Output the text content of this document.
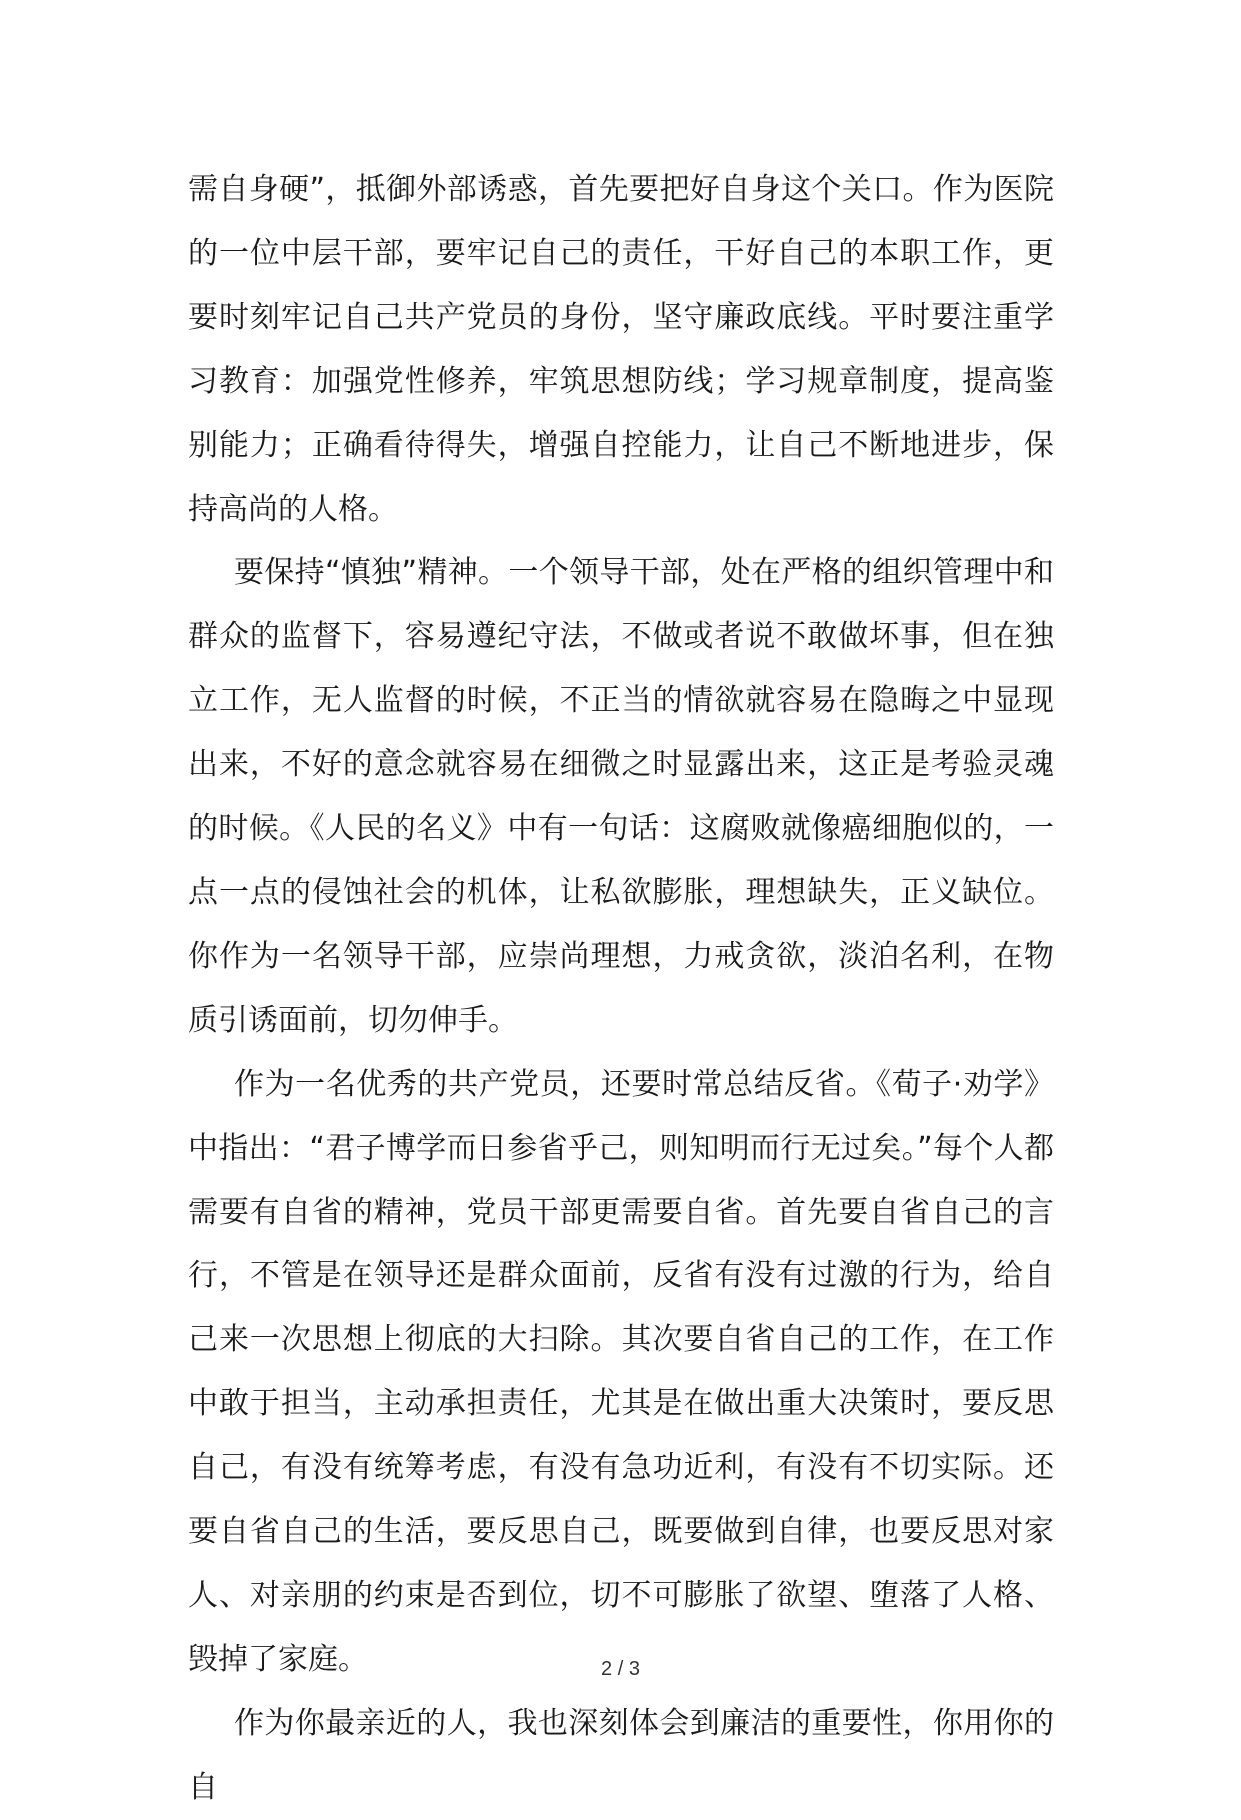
需自身硬”，抵御外部诱惑，首先要把好自身这个关口。作为医院的一位中层干部，要牢记自己的责任，干好自己的本职工作，更要时刻牢记自己共产党员的身份，坚守廉政底线。平时要注重学习教育：加强党性修养，牢筑思想防线；学习规章制度，提高鉴别能力；正确看待得失，增强自控能力，让自己不断地进步，保持高尚的人格。

要保持“慎独”精神。一个领导干部，处在严格的组织管理中和群众的监督下，容易遵纪守法，不做或者说不敢做坏事，但在独立工作，无人监督的时候，不正当的情欲就容易在隐晦之中显现出来，不好的意念就容易在细微之时显露出来，这正是考验灵魂的时候。《人民的名义》中有一句话：这腐败就像癌细胞似的，一点一点的侵蚀社会的机体，让私欲膨胀，理想缺失，正义缺位。你作为一名领导干部，应崇尚理想，力戒贪欲，淡泊名利，在物质引诱面前，切勿伸手。

作为一名优秀的共产党员，还要时常总结反省。《荀子·劝学》中指出：“君子博学而日参省乎己，则知明而行无过矣。”每个人都需要有自省的精神，党员干部更需要自省。首先要自省自己的言行，不管是在领导还是群众面前，反省有没有过激的行为，给自己来一次思想上彻底的大扫除。其次要自省自己的工作，在工作中敢于担当，主动承担责任，尤其是在做出重大决策时，要反思自己，有没有统筹考虑，有没有急功近利，有没有不切实际。还要自省自己的生活，要反思自己，既要做到自律，也要反思对家人、对亲朋的约束是否到位，切不可膨胀了欲望、堕落了人格、毁掉了家庭。

作为你最亲近的人，我也深刻体会到廉洁的重要性，你用你的自

2 / 3
